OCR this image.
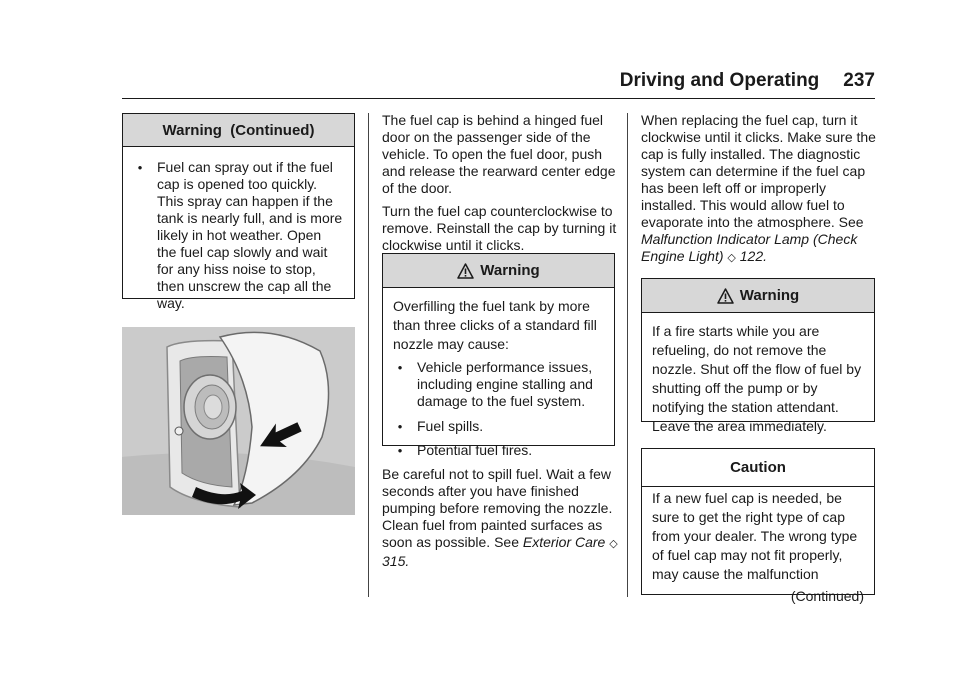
Driving and Operating 237
Warning  (Continued)
•	Fuel can spray out if the fuel cap is opened too quickly. This spray can happen if the tank is nearly full, and is more likely in hot weather. Open the fuel cap slowly and wait for any hiss noise to stop, then unscrew the cap all the way.

The fuel cap is behind a hinged fuel door on the passenger side of the vehicle. To open the fuel door, push and release the rearward center edge of the door.

Turn the fuel cap counterclockwise to remove. Reinstall the cap by turning it clockwise until it clicks.

Warning

Overfilling the fuel tank by more than three clicks of a standard fill nozzle may cause:

•	Vehicle performance issues, including engine stalling and damage to the fuel system.
•	Fuel spills.
•	Potential fuel fires.

Be careful not to spill fuel. Wait a few seconds after you have finished pumping before removing the nozzle. Clean fuel from painted surfaces as soon as possible. See Exterior Care ◇ 315.

When replacing the fuel cap, turn it clockwise until it clicks. Make sure the cap is fully installed. The diagnostic system can determine if the fuel cap has been left off or improperly installed. This would allow fuel to evaporate into the atmosphere. See Malfunction Indicator Lamp (Check Engine Light) ◇ 122.

Warning

If a fire starts while you are refueling, do not remove the nozzle. Shut off the flow of fuel by shutting off the pump or by notifying the station attendant. Leave the area immediately.

Caution

If a new fuel cap is needed, be sure to get the right type of cap from your dealer. The wrong type of fuel cap may not fit properly, may cause the malfunction

(Continued)
